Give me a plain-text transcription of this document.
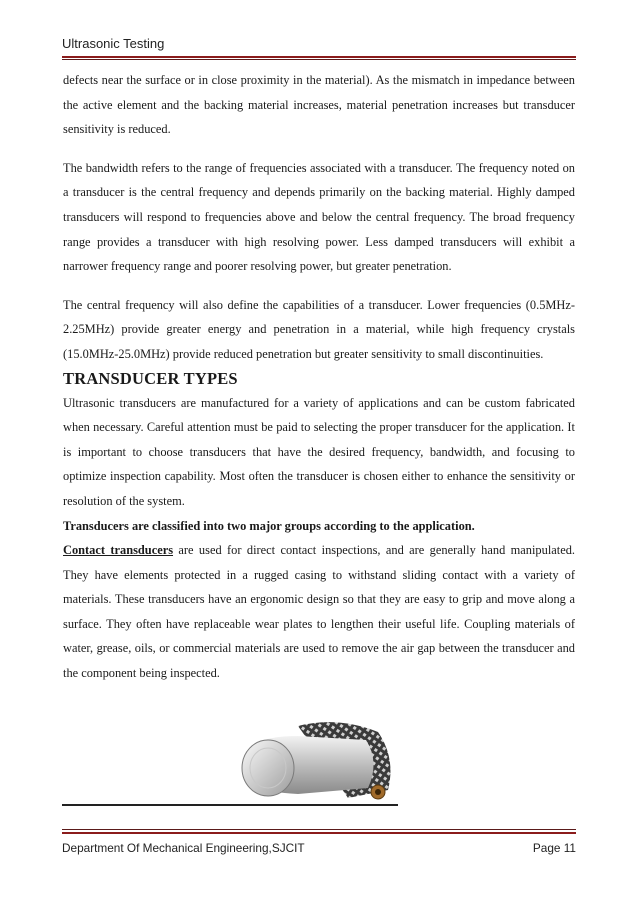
Ultrasonic Testing

defects near the surface or in close proximity in the material). As the mismatch in impedance between the active element and the backing material increases, material penetration increases but transducer sensitivity is reduced.

The bandwidth refers to the range of frequencies associated with a transducer. The frequency noted on a transducer is the central frequency and depends primarily on the backing material. Highly damped transducers will respond to frequencies above and below the central frequency. The broad frequency range provides a transducer with high resolving power. Less damped transducers will exhibit a narrower frequency range and poorer resolving power, but greater penetration.

The central frequency will also define the capabilities of a transducer. Lower frequencies (0.5MHz-2.25MHz) provide greater energy and penetration in a material, while high frequency crystals (15.0MHz-25.0MHz) provide reduced penetration but greater sensitivity to small discontinuities.

TRANSDUCER TYPES

Ultrasonic transducers are manufactured for a variety of applications and can be custom fabricated when necessary. Careful attention must be paid to selecting the proper transducer for the application. It is important to choose transducers that have the desired frequency, bandwidth, and focusing to optimize inspection capability. Most often the transducer is chosen either to enhance the sensitivity or resolution of the system.

Transducers are classified into two major groups according to the application.

Contact transducers are used for direct contact inspections, and are generally hand manipulated. They have elements protected in a rugged casing to withstand sliding contact with a variety of materials. These transducers have an ergonomic design so that they are easy to grip and move along a surface. They often have replaceable wear plates to lengthen their useful life. Coupling materials of water, grease, oils, or commercial materials are used to remove the air gap between the transducer and the component being inspected.

Department Of Mechanical Engineering,SJCIT	Page 11
